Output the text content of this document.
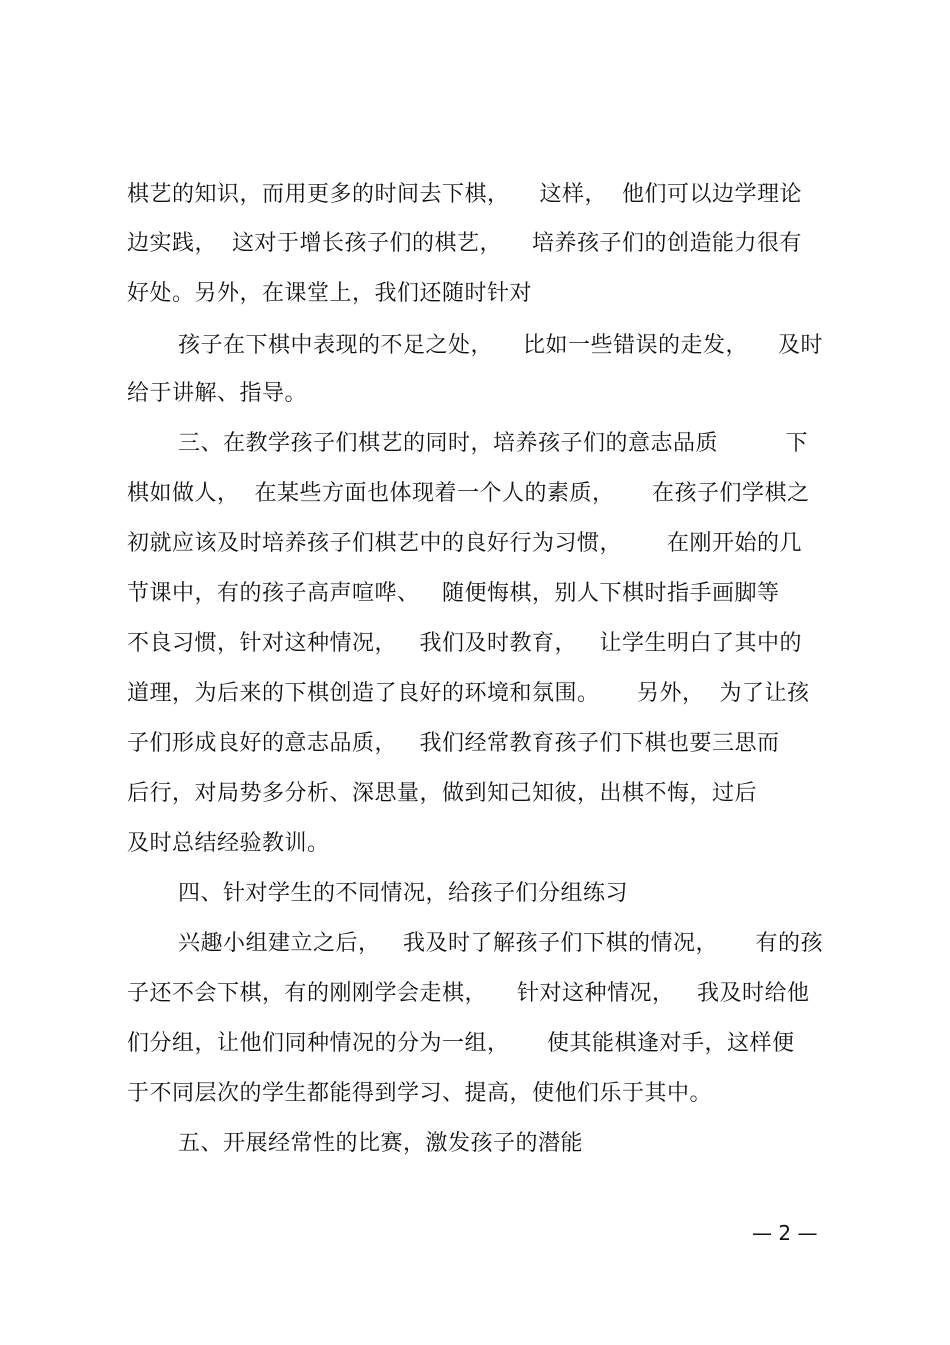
棋艺的知识，而用更多的时间去下棋，    这样，  他们可以边学理论
边实践，  这对于增长孩子们的棋艺，    培养孩子们的创造能力很有
好处。另外，在课堂上，我们还随时针对
孩子在下棋中表现的不足之处，    比如一些错误的走发，    及时
给于讲解、指导。
三、在教学孩子们棋艺的同时，培养孩子们的意志品质         下
棋如做人，  在某些方面也体现着一个人的素质，     在孩子们学棋之
初就应该及时培养孩子们棋艺中的良好行为习惯，      在刚开始的几
节课中，有的孩子高声喧哗、   随便悔棋，别人下棋时指手画脚等
不良习惯，针对这种情况，   我们及时教育，   让学生明白了其中的
道理，为后来的下棋创造了良好的环境和氛围。     另外，  为了让孩
子们形成良好的意志品质，   我们经常教育孩子们下棋也要三思而
后行，对局势多分析、深思量，做到知己知彼，出棋不悔，过后
及时总结经验教训。
四、针对学生的不同情况，给孩子们分组练习
兴趣小组建立之后，   我及时了解孩子们下棋的情况，     有的孩
子还不会下棋，有的刚刚学会走棋，    针对这种情况，   我及时给他
们分组，让他们同种情况的分为一组，     使其能棋逢对手，这样便
于不同层次的学生都能得到学习、提高，使他们乐于其中。
五、开展经常性的比赛，激发孩子的潜能
— 2 —
